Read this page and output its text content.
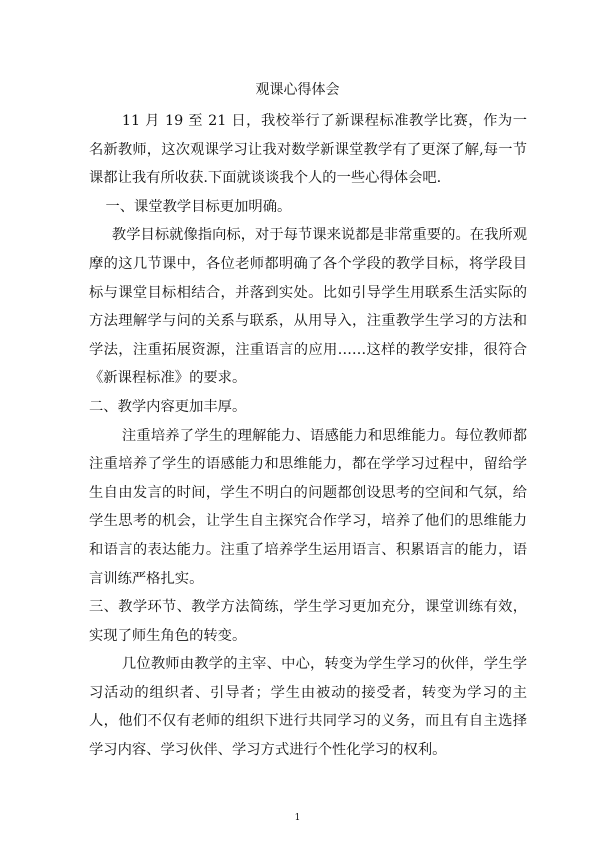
观课心得体会

11 月 19 至 21 日，我校举行了新课程标准教学比赛，作为一名新教师，这次观课学习让我对数学新课堂教学有了更深了解,每一节课都让我有所收获.下面就谈谈我个人的一些心得体会吧.

一、课堂教学目标更加明确。

教学目标就像指向标，对于每节课来说都是非常重要的。在我所观摩的这几节课中，各位老师都明确了各个学段的教学目标，将学段目标与课堂目标相结合，并落到实处。比如引导学生用联系生活实际的方法理解学与问的关系与联系，从用导入，注重教学生学习的方法和学法，注重拓展资源，注重语言的应用……这样的教学安排，很符合《新课程标准》的要求。

二、教学内容更加丰厚。

注重培养了学生的理解能力、语感能力和思维能力。每位教师都注重培养了学生的语感能力和思维能力，都在学学习过程中，留给学生自由发言的时间，学生不明白的问题都创设思考的空间和气氛，给学生思考的机会，让学生自主探究合作学习，培养了他们的思维能力和语言的表达能力。注重了培养学生运用语言、积累语言的能力，语言训练严格扎实。

三、教学环节、教学方法简练，学生学习更加充分，课堂训练有效，实现了师生角色的转变。

几位教师由教学的主宰、中心，转变为学生学习的伙伴，学生学习活动的组织者、引导者；学生由被动的接受者，转变为学习的主人，他们不仅有老师的组织下进行共同学习的义务，而且有自主选择学习内容、学习伙伴、学习方式进行个性化学习的权利。

1
